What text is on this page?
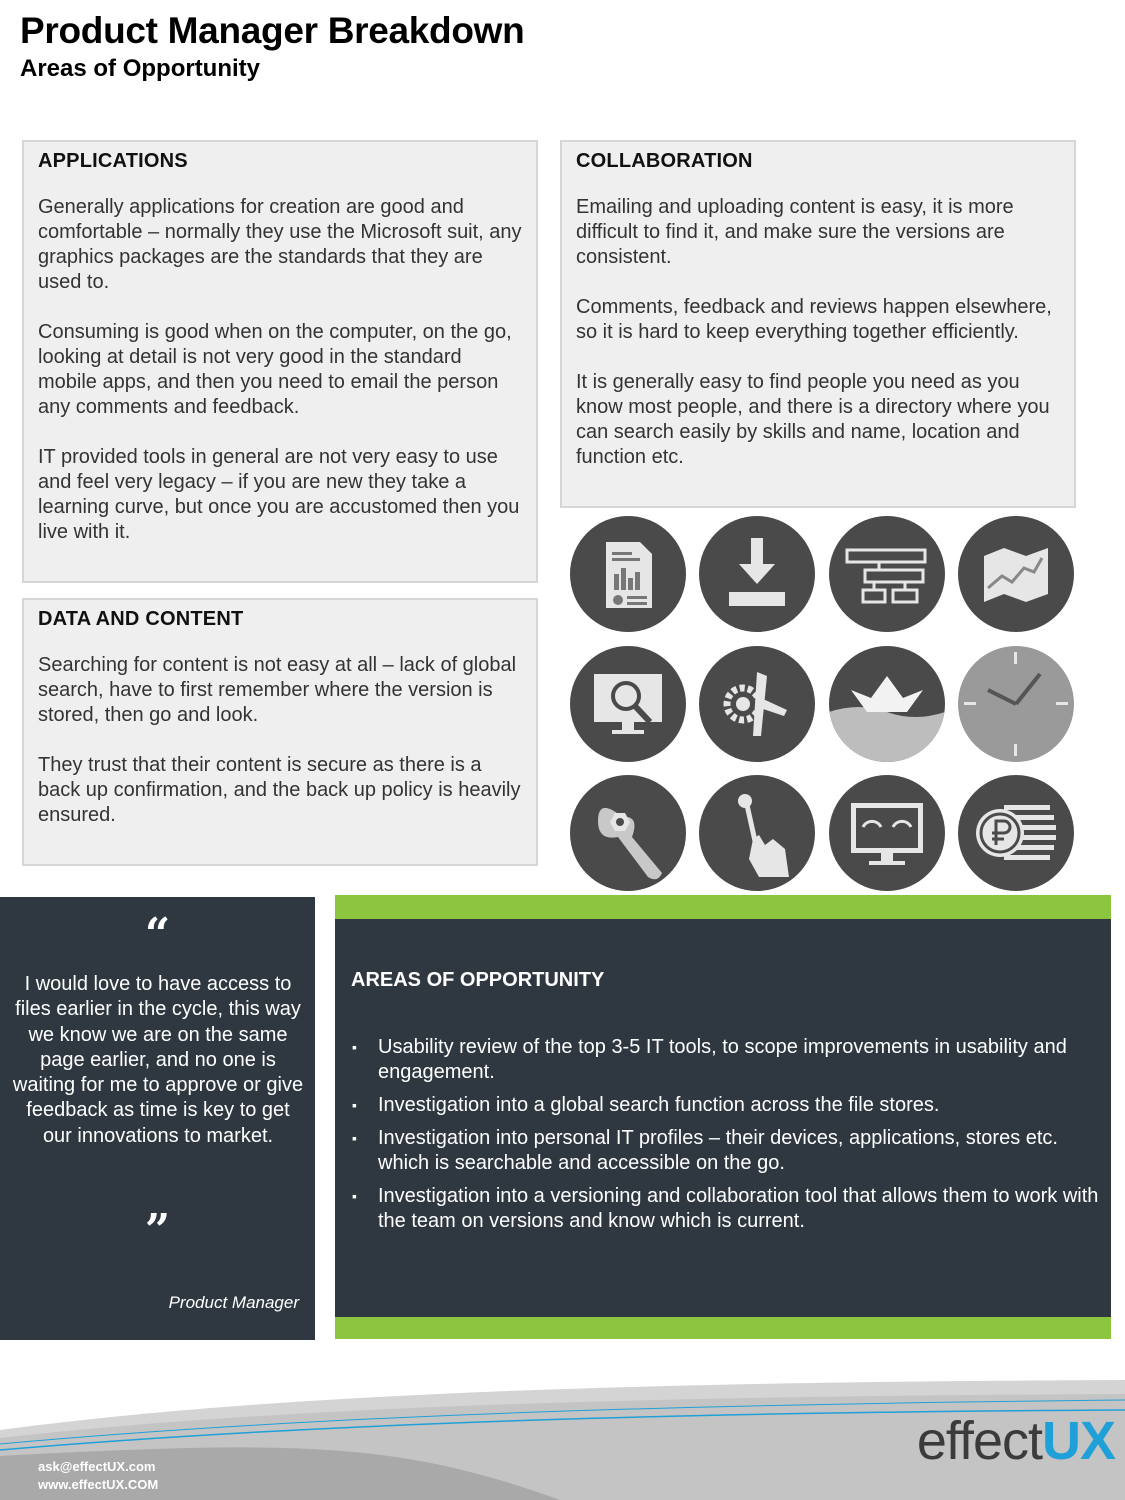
Product Manager Breakdown
Areas of Opportunity
APPLICATIONS

Generally applications for creation are good and comfortable – normally they use the Microsoft suit, any graphics packages are the standards that they are used to.

Consuming is good when on the computer, on the go, looking at detail is not very good in the standard mobile apps, and then you need to email the person any comments and feedback.

IT provided tools in general are not very easy to use and feel very legacy – if you are new they take a learning curve, but once you are accustomed then you live with it.

COLLABORATION

Emailing and uploading content is easy, it is more difficult to find it, and make sure the versions are consistent.

Comments, feedback and reviews happen elsewhere, so it is hard to keep everything together efficiently.

It is generally easy to find people you need as you know most people, and there is a directory where you can search easily by skills and name, location and function etc.

DATA AND CONTENT

Searching for content is not easy at all – lack of global search, have to first remember where the version is stored, then go and look.

They trust that their content is secure as there is a back up confirmation, and the back up policy is heavily ensured.

“
I would love to have access to files earlier in the cycle, this way we know we are on the same page earlier, and no one is waiting for me to approve or give feedback as time is key to get our innovations to market.
”
Product Manager
AREAS OF OPPORTUNITY
▪ Usability review of the top 3-5 IT tools, to scope improvements in usability and engagement.
▪ Investigation into a global search function across the file stores.
▪ Investigation into personal IT profiles – their devices, applications, stores etc. which is searchable and accessible on the go.
▪ Investigation into a versioning and collaboration tool that allows them to work with the team on versions and know which is current.
ask@effectUX.com
www.effectUX.COM
effectUX
